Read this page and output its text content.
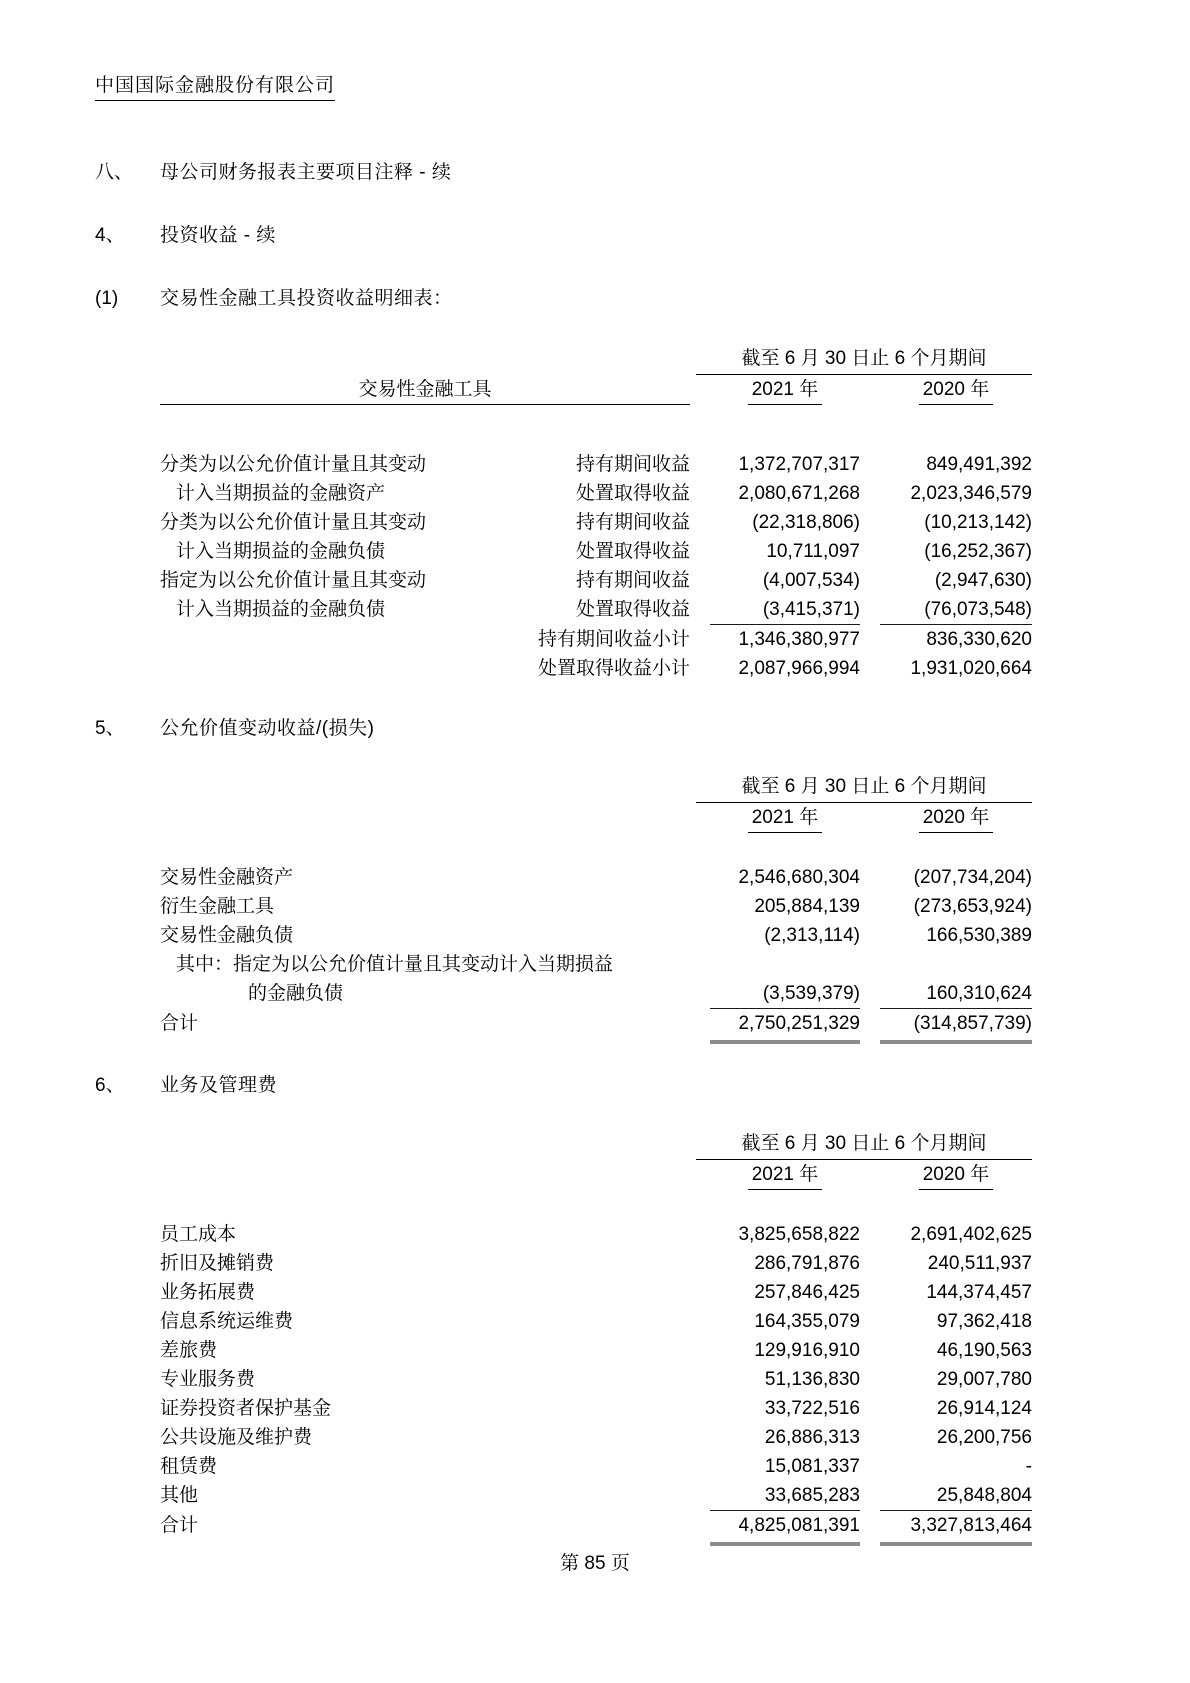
中国国际金融股份有限公司
八、	母公司财务报表主要项目注释 - 续
4、	投资收益 - 续
(1)	交易性金融工具投资收益明细表：
截至 6 月 30 日止 6 个月期间
交易性金融工具	2021 年	2020 年
分类为以公允价值计量且其变动	持有期间收益	1,372,707,317	849,491,392
计入当期损益的金融资产	处置取得收益	2,080,671,268	2,023,346,579
分类为以公允价值计量且其变动	持有期间收益	(22,318,806)	(10,213,142)
计入当期损益的金融负债	处置取得收益	10,711,097	(16,252,367)
指定为以公允价值计量且其变动	持有期间收益	(4,007,534)	(2,947,630)
计入当期损益的金融负债	处置取得收益	(3,415,371)	(76,073,548)
持有期间收益小计	1,346,380,977	836,330,620
处置取得收益小计	2,087,966,994	1,931,020,664
5、	公允价值变动收益/(损失)
截至 6 月 30 日止 6 个月期间
2021 年	2020 年
交易性金融资产	2,546,680,304	(207,734,204)
衍生金融工具	205,884,139	(273,653,924)
交易性金融负债	(2,313,114)	166,530,389
其中：指定为以公允价值计量且其变动计入当期损益
的金融负债	(3,539,379)	160,310,624
合计	2,750,251,329	(314,857,739)
6、	业务及管理费
截至 6 月 30 日止 6 个月期间
2021 年	2020 年
员工成本	3,825,658,822	2,691,402,625
折旧及摊销费	286,791,876	240,511,937
业务拓展费	257,846,425	144,374,457
信息系统运维费	164,355,079	97,362,418
差旅费	129,916,910	46,190,563
专业服务费	51,136,830	29,007,780
证券投资者保护基金	33,722,516	26,914,124
公共设施及维护费	26,886,313	26,200,756
租赁费	15,081,337	-
其他	33,685,283	25,848,804
合计	4,825,081,391	3,327,813,464
第 85 页
